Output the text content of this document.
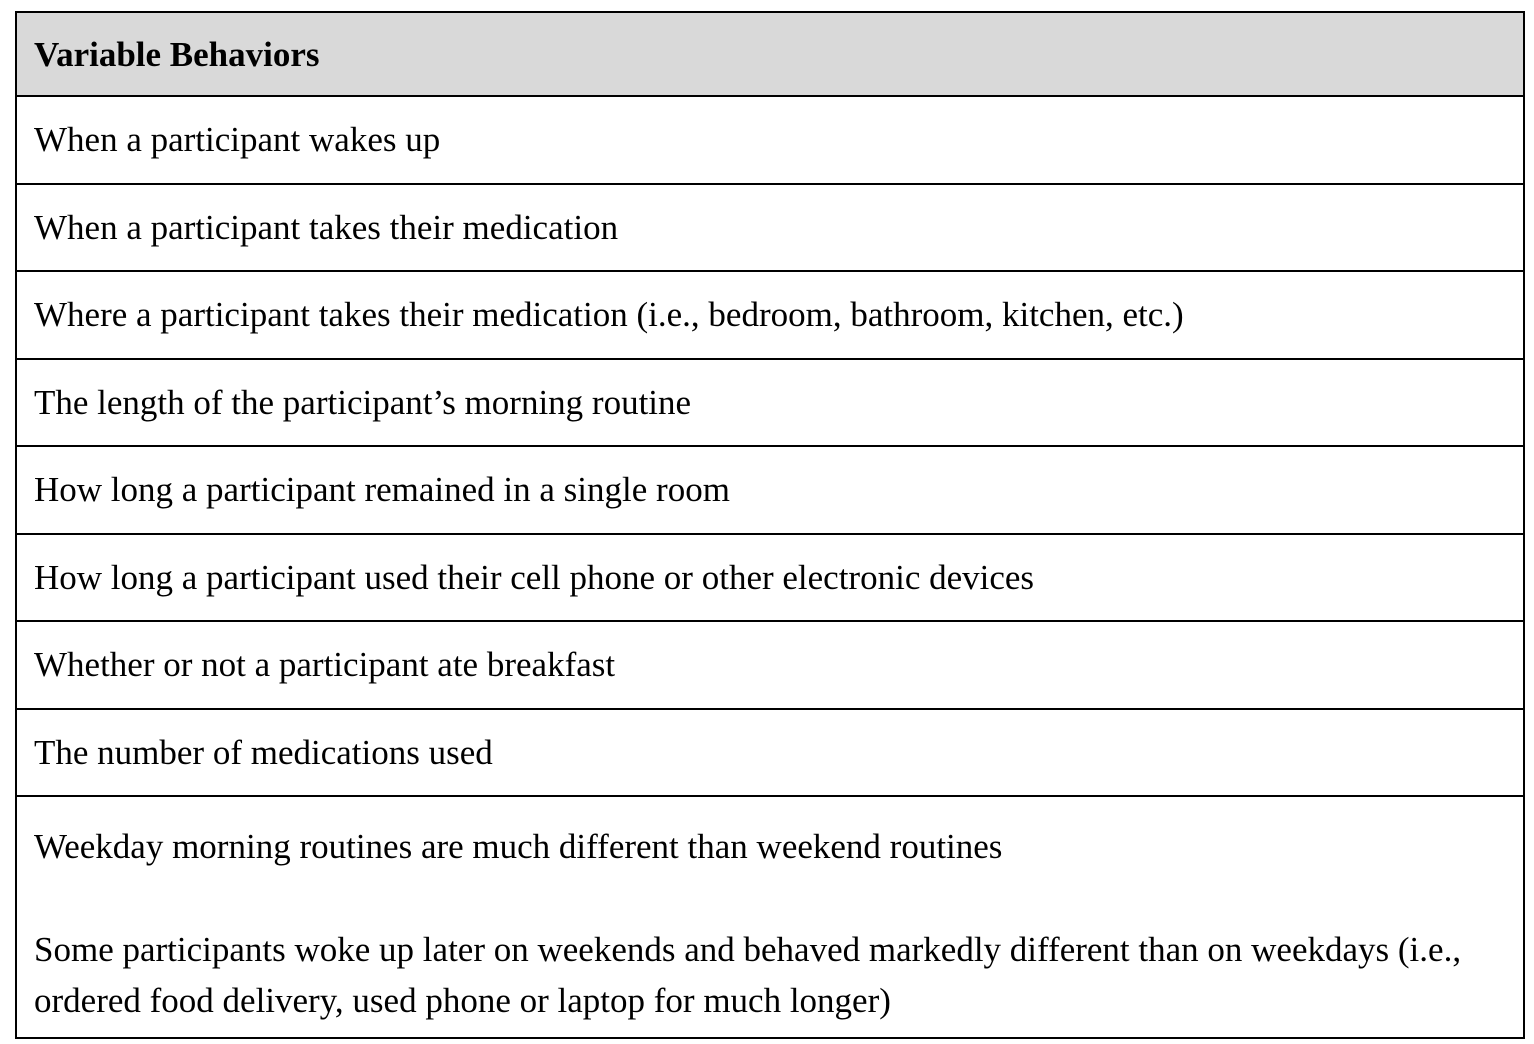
Variable Behaviors
When a participant wakes up
When a participant takes their medication
Where a participant takes their medication (i.e., bedroom, bathroom, kitchen, etc.)
The length of the participant’s morning routine
How long a participant remained in a single room
How long a participant used their cell phone or other electronic devices
Whether or not a participant ate breakfast
The number of medications used

Weekday morning routines are much different than weekend routines

Some participants woke up later on weekends and behaved markedly different than on weekdays (i.e., ordered food delivery, used phone or laptop for much longer)
